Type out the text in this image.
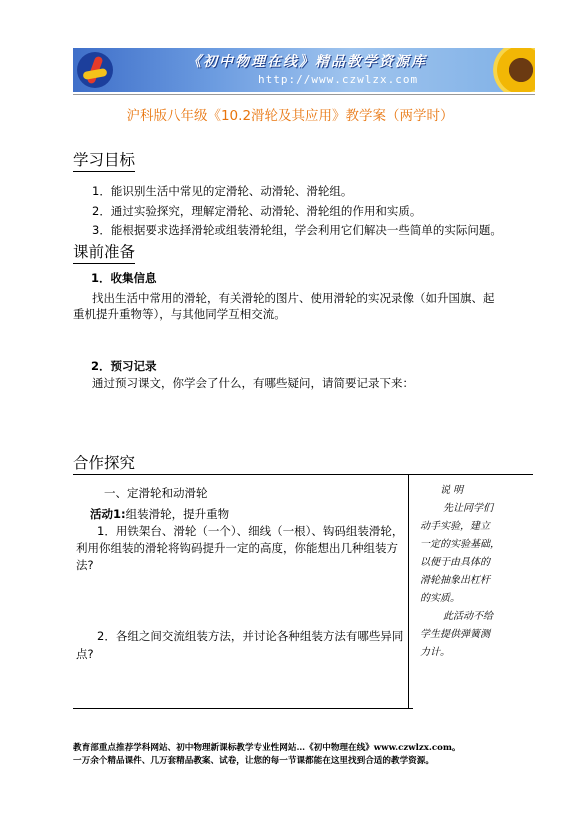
《初中物理在线》精品教学资源库
http://www.czwlzx.com
沪科版八年级《10.2滑轮及其应用》教学案（两学时）
学习目标
1．能识别生活中常见的定滑轮、动滑轮、滑轮组。
2．通过实验探究，理解定滑轮、动滑轮、滑轮组的作用和实质。
3．能根据要求选择滑轮或组装滑轮组，学会利用它们解决一些简单的实际问题。
课前准备
1．收集信息
找出生活中常用的滑轮，有关滑轮的图片、使用滑轮的实况录像（如升国旗、起
重机提升重物等），与其他同学互相交流。
2．预习记录
通过预习课文，你学会了什么，有哪些疑问，请简要记录下来：
合作探究
一、定滑轮和动滑轮
活动1:组装滑轮，提升重物
1．用铁架台、滑轮（一个）、细线（一根）、钩码组装滑轮，
利用你组装的滑轮将钩码提升一定的高度，你能想出几种组装方
法?
2．各组之间交流组装方法，并讨论各种组装方法有哪些异同
点?
说 明
先让同学们
动手实验，建立
一定的实验基础，
以便于由具体的
滑轮抽象出杠杆
的实质。
此活动不给
学生提供弹簧测
力计。
教育部重点推荐学科网站、初中物理新课标教学专业性网站…《初中物理在线》www.czwlzx.com。
一万余个精品课件、几万套精品教案、试卷，让您的每一节课都能在这里找到合适的教学资源。
